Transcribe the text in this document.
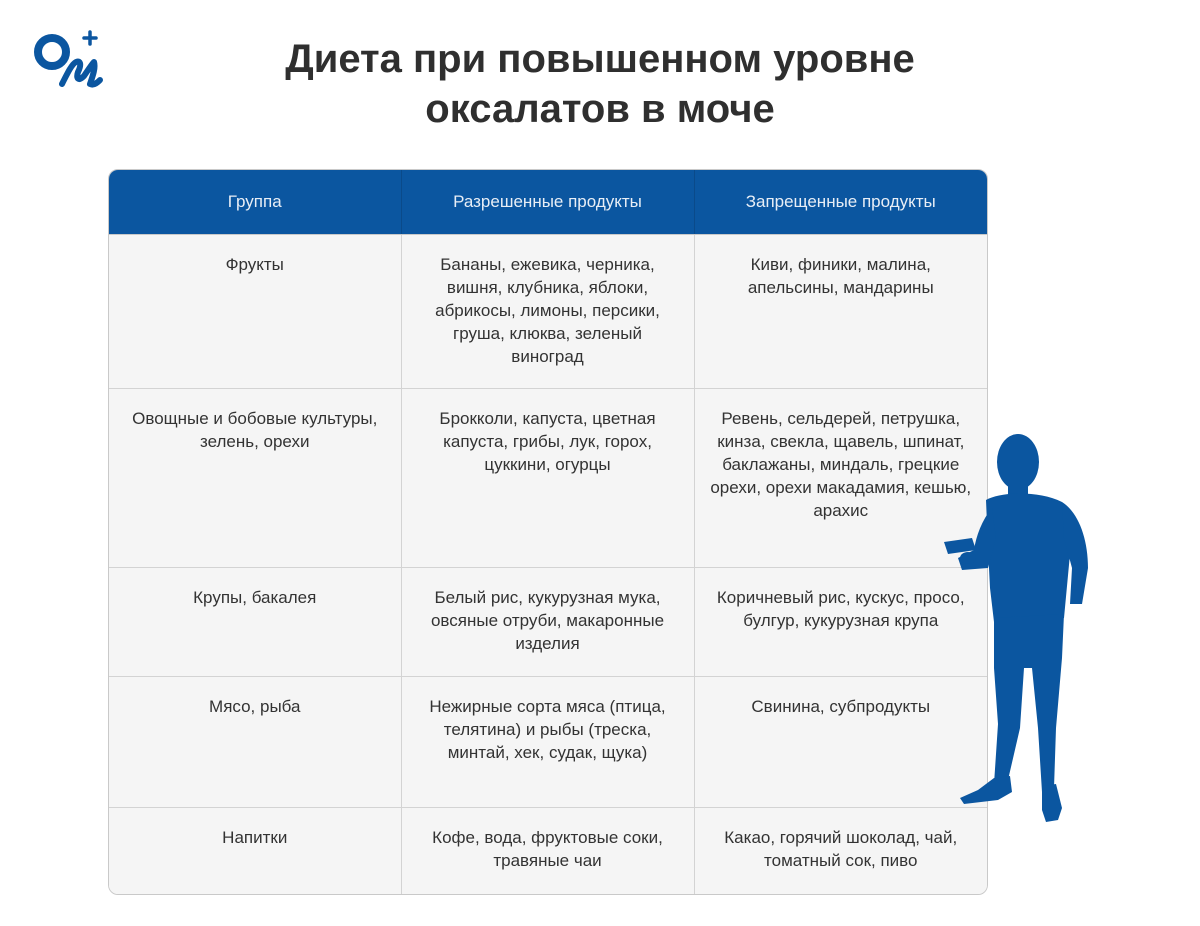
Диета при повышенном уровне оксалатов в моче
Группа	Разрешенные продукты	Запрещенные продукты
Фрукты	Бананы, ежевика, черника, вишня, клубника, яблоки, абрикосы, лимоны, персики, груша, клюква, зеленый виноград	Киви, финики, малина, апельсины, мандарины
Овощные и бобовые культуры, зелень, орехи	Брокколи, капуста, цветная капуста, грибы, лук, горох, цуккини, огурцы	Ревень, сельдерей, петрушка, кинза, свекла, щавель, шпинат, баклажаны, миндаль, грецкие орехи, орехи макадамия, кешью, арахис
Крупы, бакалея	Белый рис, кукурузная мука, овсяные отруби, макаронные изделия	Коричневый рис, кускус, просо, булгур, кукурузная крупа
Мясо, рыба	Нежирные сорта мяса (птица, телятина) и рыбы (треска, минтай, хек, судак, щука)	Свинина, субпродукты
Напитки	Кофе, вода, фруктовые соки, травяные чаи	Какао, горячий шоколад, чай, томатный сок, пиво
